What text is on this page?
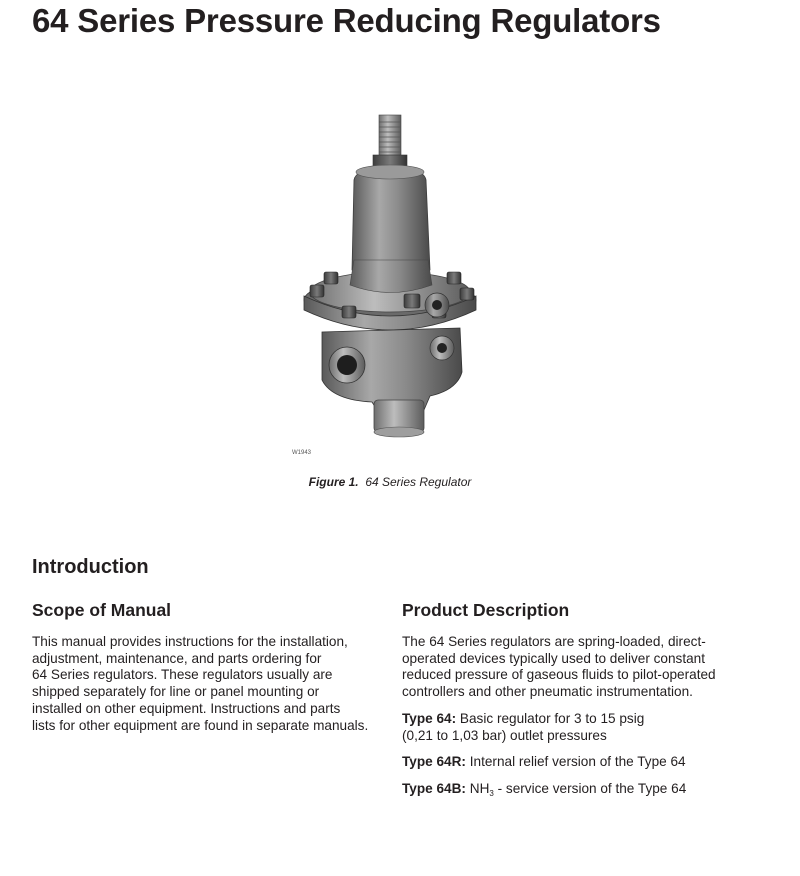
64 Series Pressure Reducing Regulators
W1943
Figure 1. 64 Series Regulator
Introduction
Scope of Manual

This manual provides instructions for the installation,
adjustment, maintenance, and parts ordering for
64 Series regulators. These regulators usually are
shipped separately for line or panel mounting or
installed on other equipment. Instructions and parts
lists for other equipment are found in separate manuals.

Product Description

The 64 Series regulators are spring-loaded, direct-
operated devices typically used to deliver constant
reduced pressure of gaseous fluids to pilot-operated
controllers and other pneumatic instrumentation.

Type 64: Basic regulator for 3 to 15 psig
(0,21 to 1,03 bar) outlet pressures

Type 64R: Internal relief version of the Type 64

Type 64B: $NH_3$ - service version of the Type 64
